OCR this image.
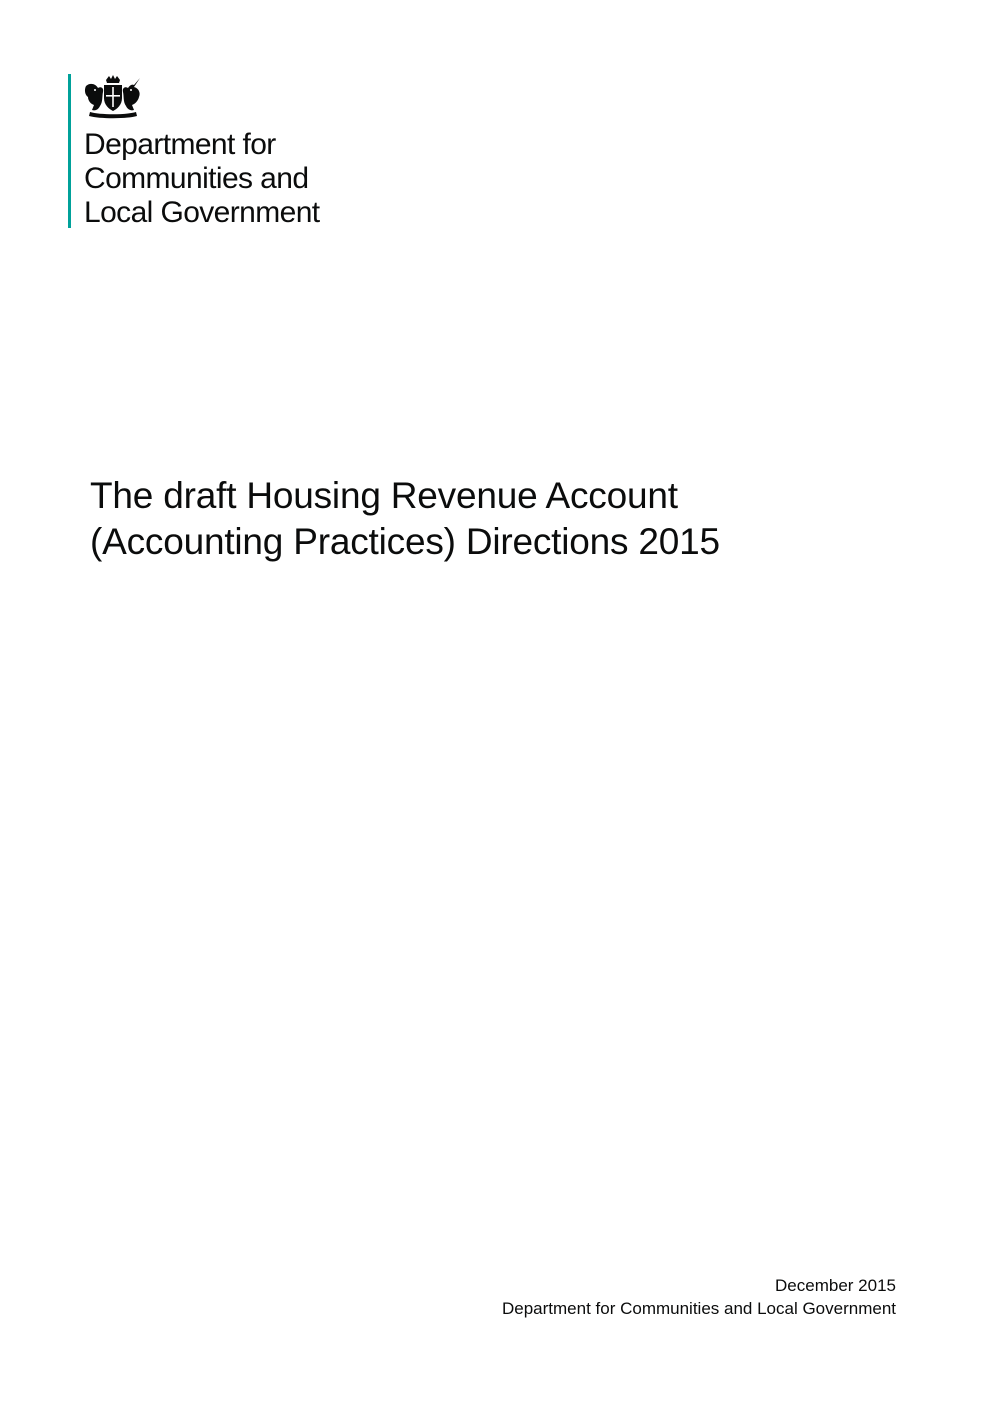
Department for
Communities and
Local Government
The draft Housing Revenue Account
(Accounting Practices) Directions 2015
December 2015
Department for Communities and Local Government
